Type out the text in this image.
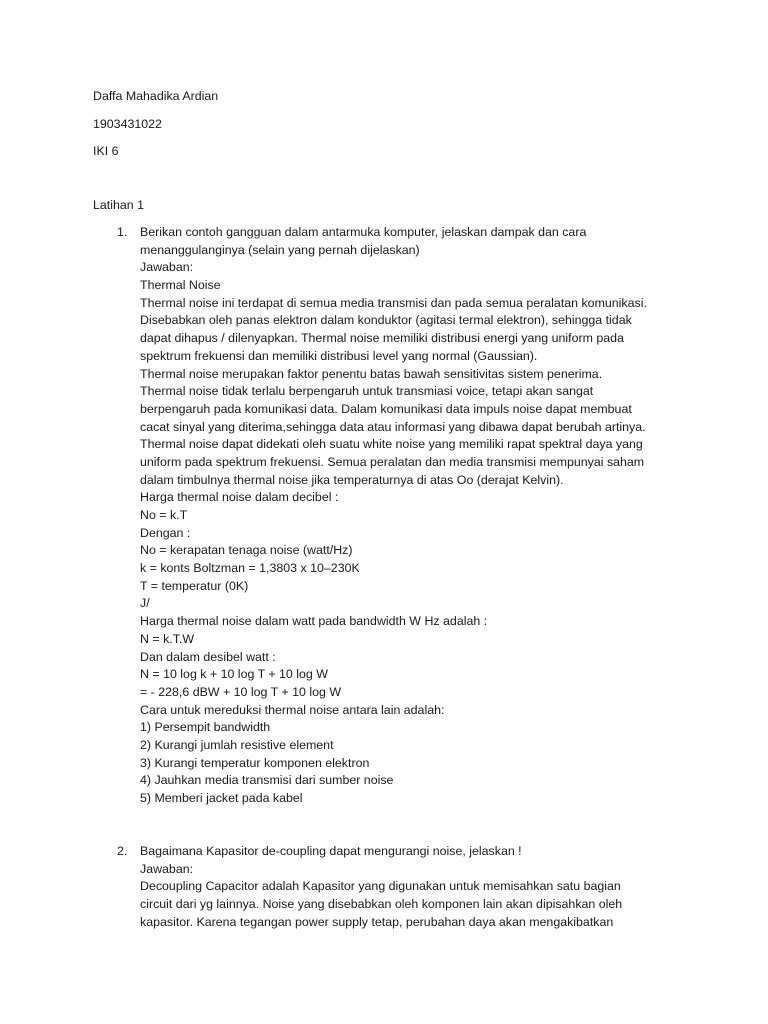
Daffa Mahadika Ardian
1903431022
IKI 6
Latihan 1
1. Berikan contoh gangguan dalam antarmuka komputer, jelaskan dampak dan cara
menanggulanginya (selain yang pernah dijelaskan)
Jawaban:
Thermal Noise
Thermal noise ini terdapat di semua media transmisi dan pada semua peralatan komunikasi.
Disebabkan oleh panas elektron dalam konduktor (agitasi termal elektron), sehingga tidak
dapat dihapus / dilenyapkan. Thermal noise memiliki distribusi energi yang uniform pada
spektrum frekuensi dan memiliki distribusi level yang normal (Gaussian).
Thermal noise merupakan faktor penentu batas bawah sensitivitas sistem penerima.
Thermal noise tidak terlalu berpengaruh untuk transmiasi voice, tetapi akan sangat
berpengaruh pada komunikasi data. Dalam komunikasi data impuls noise dapat membuat
cacat sinyal yang diterima,sehingga data atau informasi yang dibawa dapat berubah artinya.
Thermal noise dapat didekati oleh suatu white noise yang memiliki rapat spektral daya yang
uniform pada spektrum frekuensi. Semua peralatan dan media transmisi mempunyai saham
dalam timbulnya thermal noise jika temperaturnya di atas Oo (derajat Kelvin).
Harga thermal noise dalam decibel :
No = k.T
Dengan :
No = kerapatan tenaga noise (watt/Hz)
k = konts Boltzman = 1,3803 x 10–230K
T = temperatur (0K)
J/
Harga thermal noise dalam watt pada bandwidth W Hz adalah :
N = k.T.W
Dan dalam desibel watt :
N = 10 log k + 10 log T + 10 log W
= - 228,6 dBW + 10 log T + 10 log W
Cara untuk mereduksi thermal noise antara lain adalah:
1) Persempit bandwidth
2) Kurangi jumlah resistive element
3) Kurangi temperatur komponen elektron
4) Jauhkan media transmisi dari sumber noise
5) Memberi jacket pada kabel
2. Bagaimana Kapasitor de-coupling dapat mengurangi noise, jelaskan !
Jawaban:
Decoupling Capacitor adalah Kapasitor yang digunakan untuk memisahkan satu bagian
circuit dari yg lainnya. Noise yang disebabkan oleh komponen lain akan dipisahkan oleh
kapasitor. Karena tegangan power supply tetap, perubahan daya akan mengakibatkan
